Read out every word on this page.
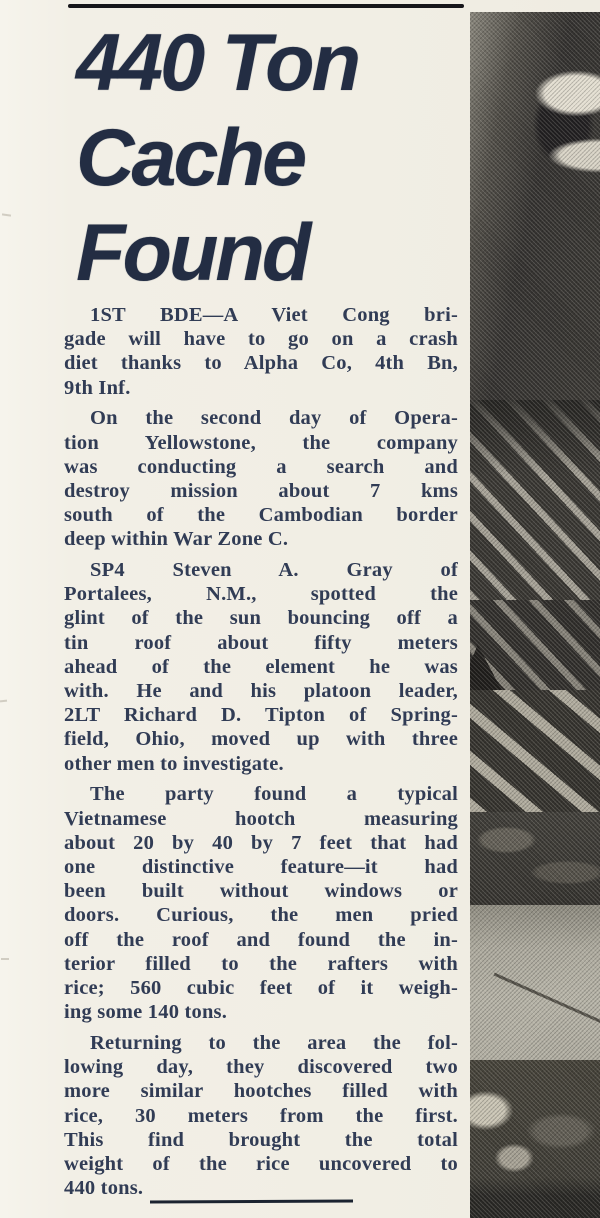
440 Ton
Cache
Found
1ST BDE—A Viet Cong bri-
gade will have to go on a crash
diet thanks to Alpha Co, 4th Bn,
9th Inf.
On the second day of Opera-
tion Yellowstone, the company
was conducting a search and
destroy mission about 7 kms
south of the Cambodian border
deep within War Zone C.
SP4 Steven A. Gray of
Portalees, N.M., spotted the
glint of the sun bouncing off a
tin roof about fifty meters
ahead of the element he was
with. He and his platoon leader,
2LT Richard D. Tipton of Spring-
field, Ohio, moved up with three
other men to investigate.
The party found a typical
Vietnamese hootch measuring
about 20 by 40 by 7 feet that had
one distinctive feature—it had
been built without windows or
doors. Curious, the men pried
off the roof and found the in-
terior filled to the rafters with
rice; 560 cubic feet of it weigh-
ing some 140 tons.
Returning to the area the fol-
lowing day, they discovered two
more similar hootches filled with
rice, 30 meters from the first.
This find brought the total
weight of the rice uncovered to
440 tons.
